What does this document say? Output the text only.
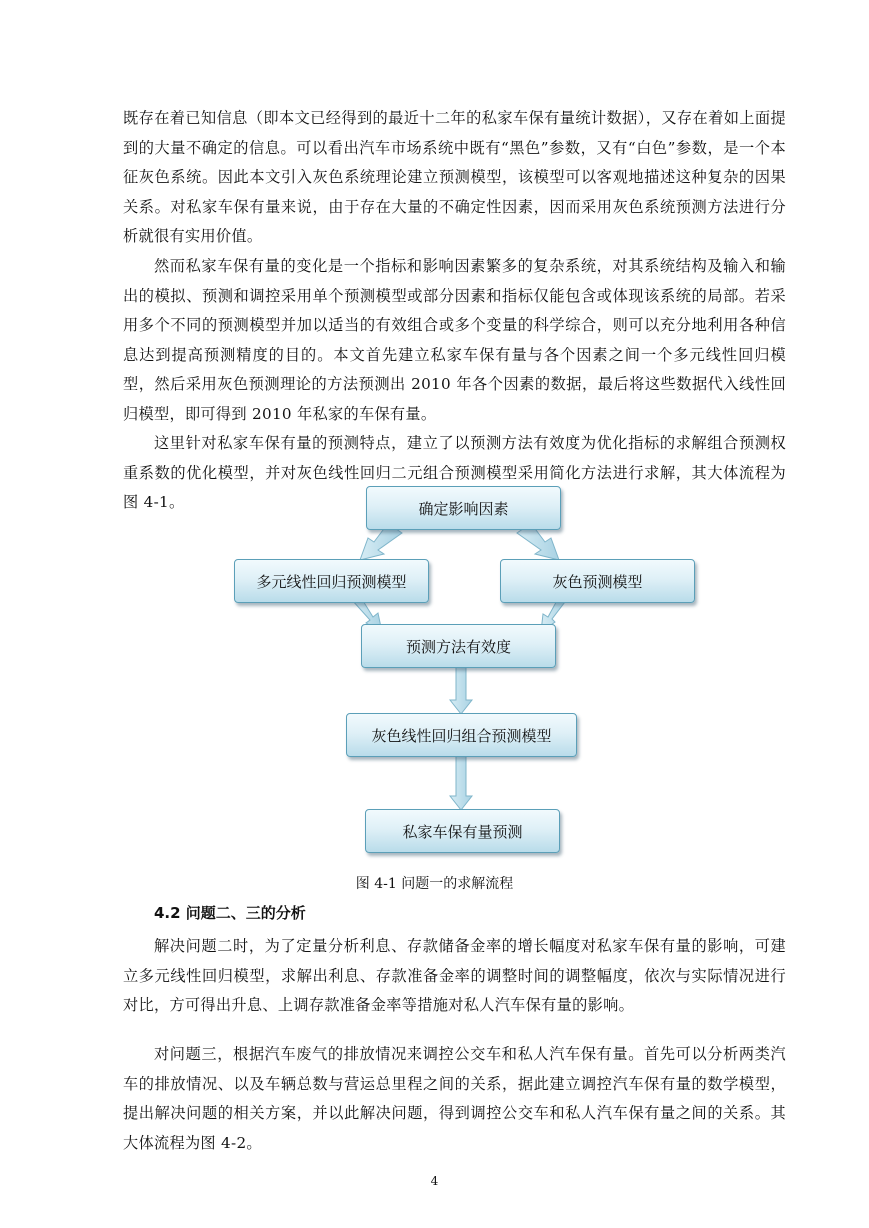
既存在着已知信息（即本文已经得到的最近十二年的私家车保有量统计数据），又存在着如上面提到的大量不确定的信息。可以看出汽车市场系统中既有“黑色”参数，又有“白色”参数，是一个本征灰色系统。因此本文引入灰色系统理论建立预测模型，该模型可以客观地描述这种复杂的因果关系。对私家车保有量来说，由于存在大量的不确定性因素，因而采用灰色系统预测方法进行分析就很有实用价值。

然而私家车保有量的变化是一个指标和影响因素繁多的复杂系统，对其系统结构及输入和输出的模拟、预测和调控采用单个预测模型或部分因素和指标仅能包含或体现该系统的局部。若采用多个不同的预测模型并加以适当的有效组合或多个变量的科学综合，则可以充分地利用各种信息达到提高预测精度的目的。本文首先建立私家车保有量与各个因素之间一个多元线性回归模型，然后采用灰色预测理论的方法预测出 2010 年各个因素的数据，最后将这些数据代入线性回归模型，即可得到 2010 年私家的车保有量。

这里针对私家车保有量的预测特点，建立了以预测方法有效度为优化指标的求解组合预测权重系数的优化模型，并对灰色线性回归二元组合预测模型采用简化方法进行求解，其大体流程为图 4-1。	确定影响因素
多元线性回归预测模型	灰色预测模型
预测方法有效度
灰色线性回归组合预测模型
私家车保有量预测

图 4-1 问题一的求解流程

4.2 问题二、三的分析

解决问题二时，为了定量分析利息、存款储备金率的增长幅度对私家车保有量的影响，可建立多元线性回归模型，求解出利息、存款准备金率的调整时间的调整幅度，依次与实际情况进行对比，方可得出升息、上调存款准备金率等措施对私人汽车保有量的影响。

对问题三，根据汽车废气的排放情况来调控公交车和私人汽车保有量。首先可以分析两类汽车的排放情况、以及车辆总数与营运总里程之间的关系，据此建立调控汽车保有量的数学模型，提出解决问题的相关方案，并以此解决问题，得到调控公交车和私人汽车保有量之间的关系。其大体流程为图 4-2。

4
